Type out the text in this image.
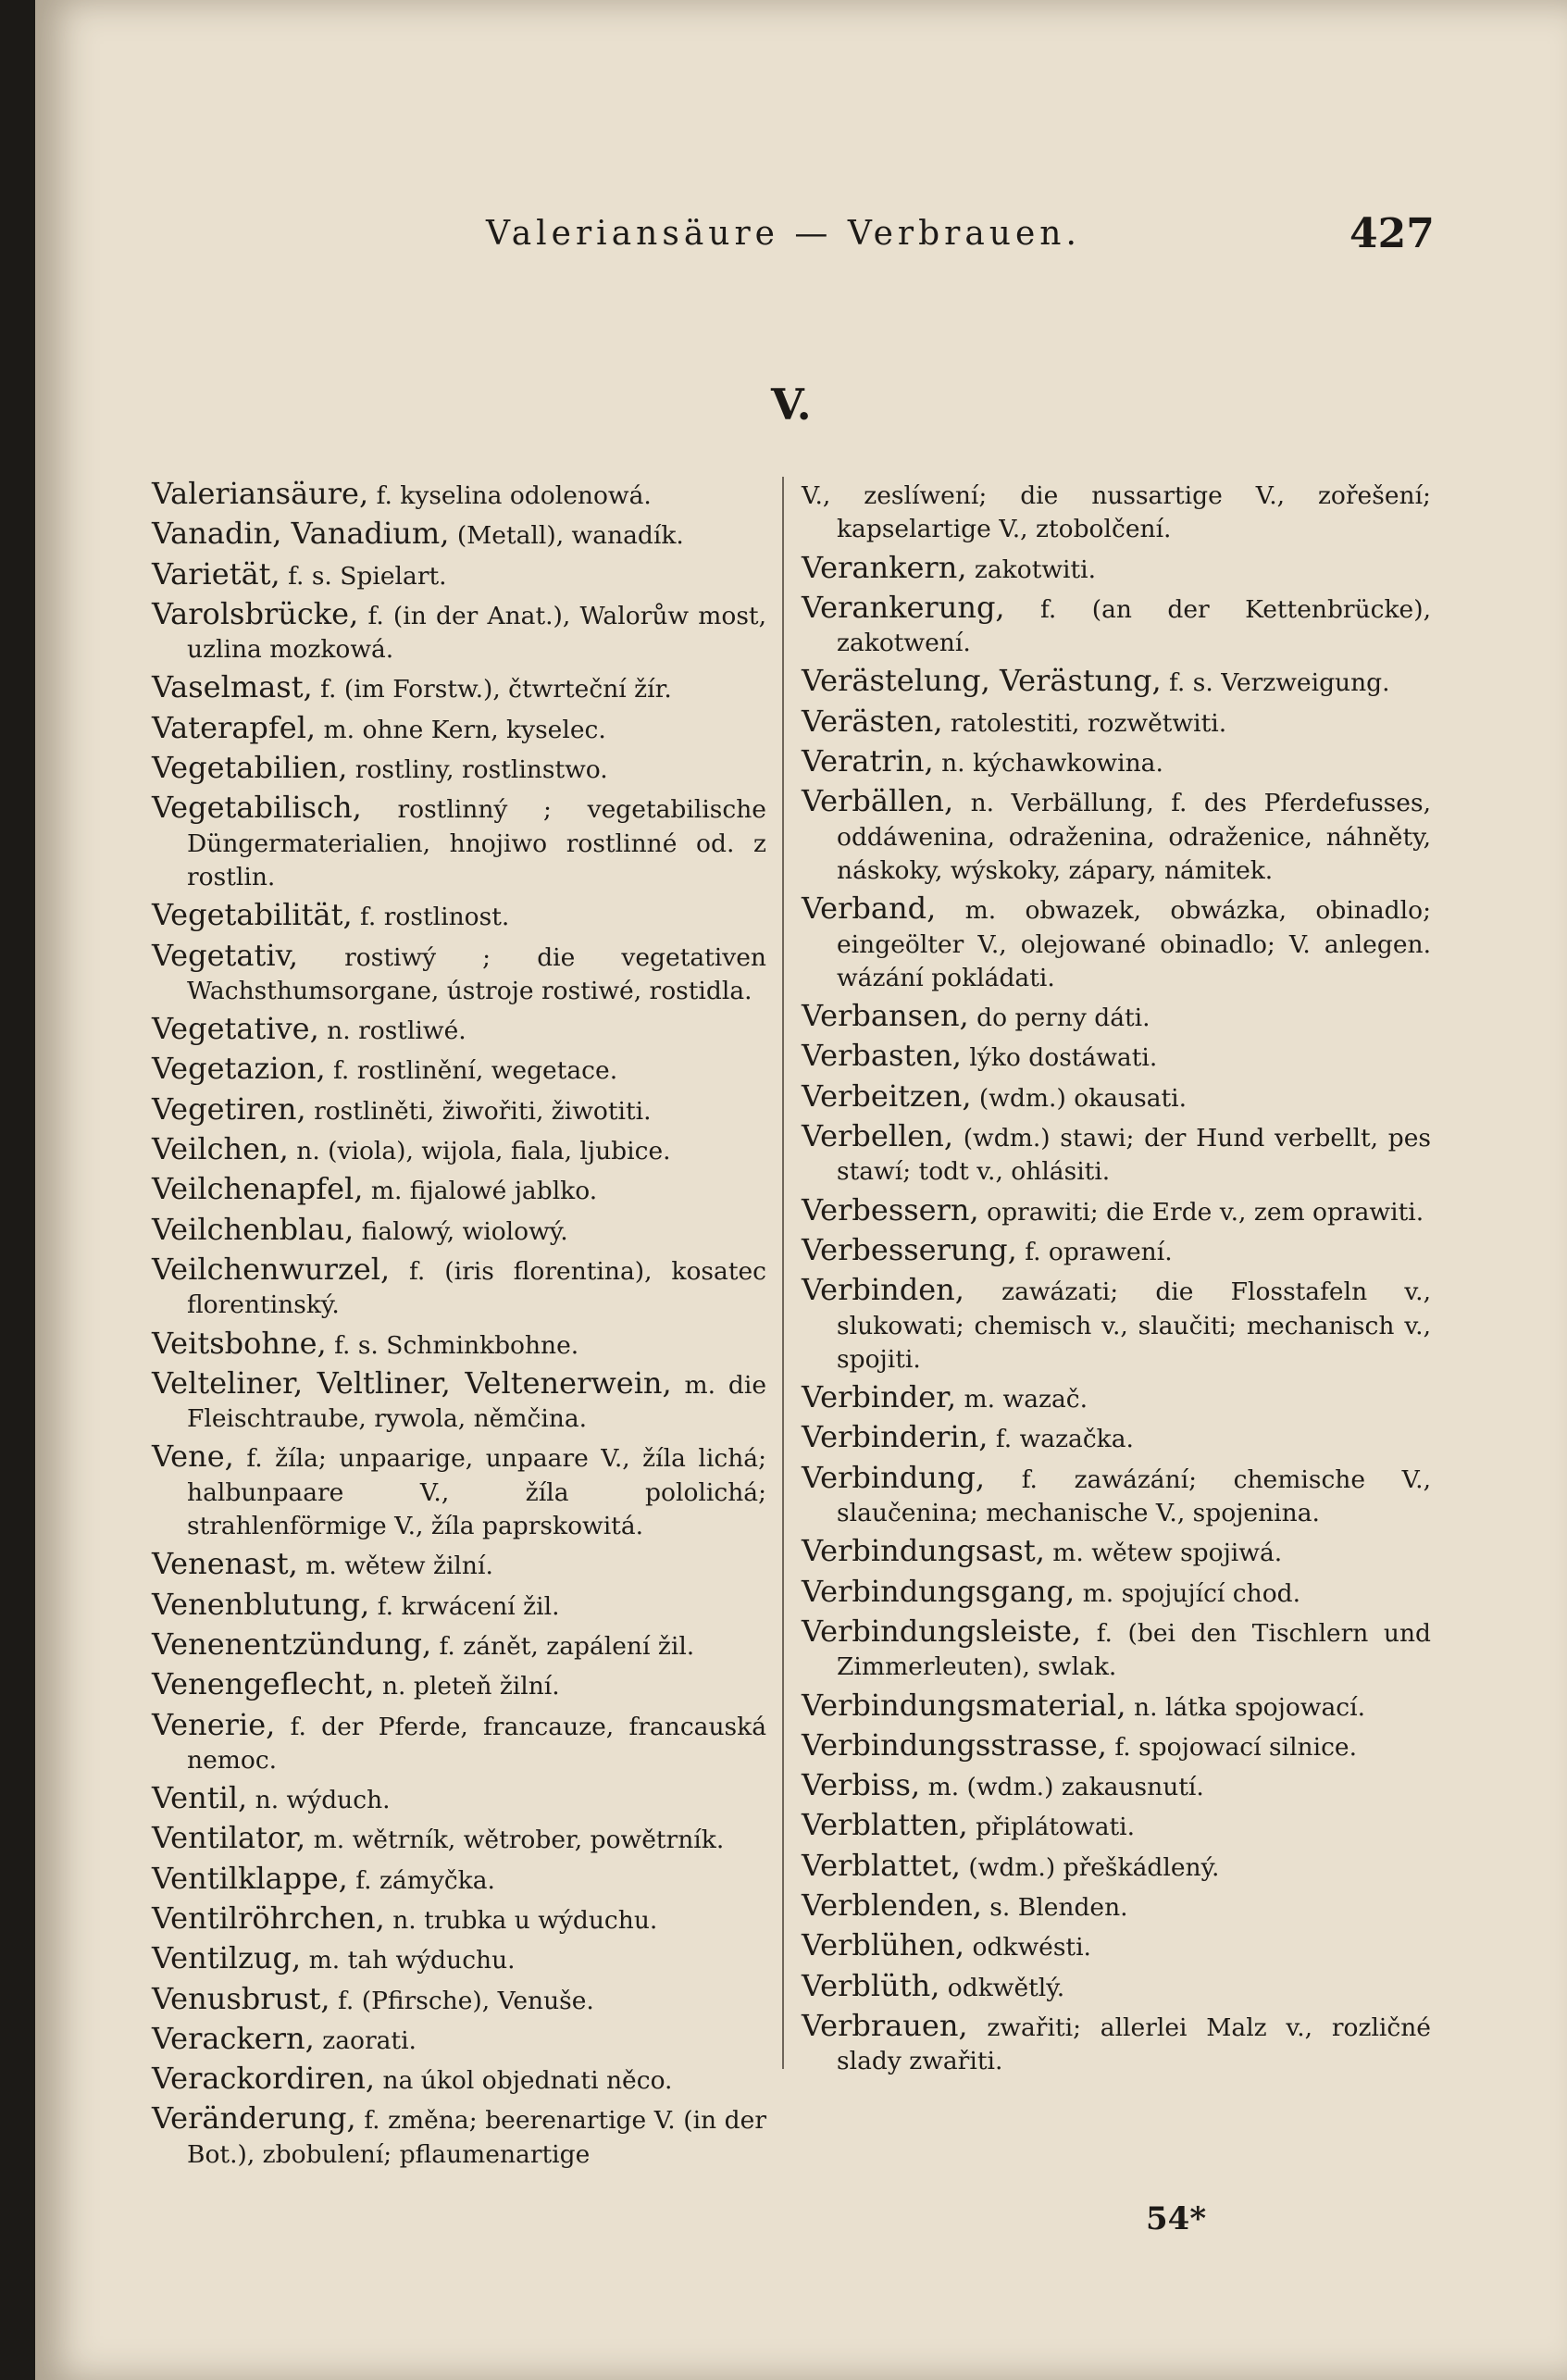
Valeriansäure — Verbrauen.	427
V.

Valeriansäure, f. kyselina odolenowá.

Vanadin, Vanadium, (Metall), wanadík.

Varietät, f. s. Spielart.

Varolsbrücke, f. (in der Anat.), Walorůw most, uzlina mozkowá.

Vaselmast, f. (im Forstw.), čtwrteční žír.

Vaterapfel, m. ohne Kern, kyselec.

Vegetabilien, rostliny, rostlinstwo.

Vegetabilisch, rostlinný ; vegetabilische Düngermaterialien, hnojiwo rostlinné od. z rostlin.

Vegetabilität, f. rostlinost.

Vegetativ, rostiwý ; die vegetativen Wachsthumsorgane, ústroje rostiwé, rostidla.

Vegetative, n. rostliwé.

Vegetazion, f. rostlinění, wegetace.

Vegetiren, rostliněti, žiwořiti, žiwotiti.

Veilchen, n. (viola), wijola, fiala, ljubice.

Veilchenapfel, m. fijalowé jablko.

Veilchenblau, fialowý, wiolowý.

Veilchenwurzel, f. (iris florentina), kosatec florentinský.

Veitsbohne, f. s. Schminkbohne.

Velteliner, Veltliner, Veltenerwein, m. die Fleischtraube, rywola, němčina.

Vene, f. žíla; unpaarige, unpaare V., žíla lichá; halbunpaare V., žíla pololichá; strahlenförmige V., žíla paprskowitá.

Venenast, m. wětew žilní.

Venenblutung, f. krwácení žil.

Venenentzündung, f. zánět, zapálení žil.

Venengeflecht, n. pleteň žilní.

Venerie, f. der Pferde, francauze, francauská nemoc.

Ventil, n. wýduch.

Ventilator, m. wětrník, wětrober, powětrník.

Ventilklappe, f. zámyčka.

Ventilröhrchen, n. trubka u wýduchu.

Ventilzug, m. tah wýduchu.

Venusbrust, f. (Pfirsche), Venuše.

Verackern, zaorati.

Verackordiren, na úkol objednati něco.

Veränderung, f. změna; beerenartige V. (in der Bot.), zbobulení; pflaumenartige

V., zeslíwení; die nussartige V., zořešení; kapselartige V., ztobolčení.

Verankern, zakotwiti.

Verankerung, f. (an der Kettenbrücke), zakotwení.

Verästelung, Verästung, f. s. Verzweigung.

Verästen, ratolestiti, rozwětwiti.

Veratrin, n. kýchawkowina.

Verbällen, n. Verbällung, f. des Pferdefusses, oddáwenina, odraženina, odraženice, náhněty, náskoky, wýskoky, zápary, námitek.

Verband, m. obwazek, obwázka, obinadlo; eingeölter V., olejowané obinadlo; V. anlegen. wázání pokládati.

Verbansen, do perny dáti.

Verbasten, lýko dostáwati.

Verbeitzen, (wdm.) okausati.

Verbellen, (wdm.) stawi; der Hund verbellt, pes stawí; todt v., ohlásiti.

Verbessern, oprawiti; die Erde v., zem oprawiti.

Verbesserung, f. oprawení.

Verbinden, zawázati; die Flosstafeln v., slukowati; chemisch v., slaučiti; mechanisch v., spojiti.

Verbinder, m. wazač.

Verbinderin, f. wazačka.

Verbindung, f. zawázání; chemische V., slaučenina; mechanische V., spojenina.

Verbindungsast, m. wětew spojiwá.

Verbindungsgang, m. spojující chod.

Verbindungsleiste, f. (bei den Tischlern und Zimmerleuten), swlak.

Verbindungsmaterial, n. látka spojowací.

Verbindungsstrasse, f. spojowací silnice.

Verbiss, m. (wdm.) zakausnutí.

Verblatten, připlátowati.

Verblattet, (wdm.) přeškádlený.

Verblenden, s. Blenden.

Verblühen, odkwésti.

Verblüth, odkwětlý.

Verbrauen, zwařiti; allerlei Malz v., rozličné slady zwařiti.

54*
